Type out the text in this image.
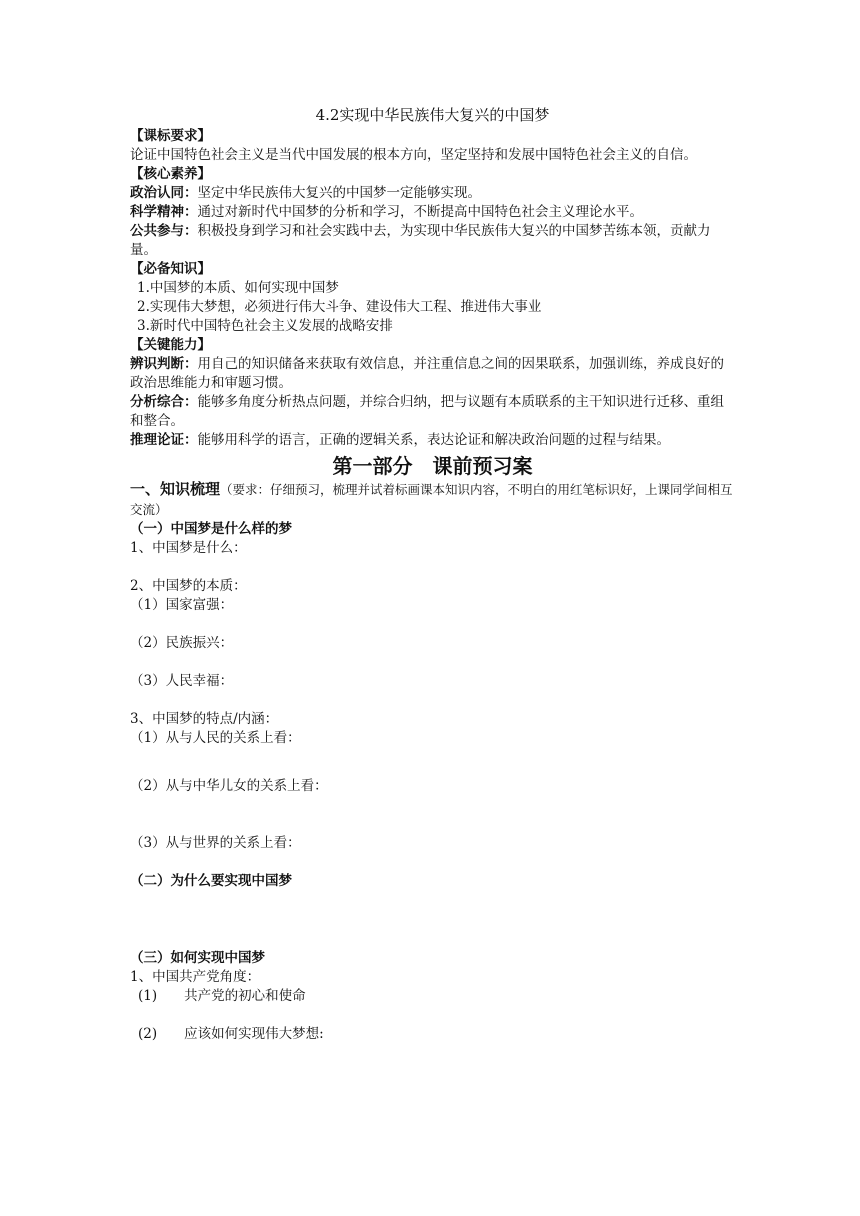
4.2实现中华民族伟大复兴的中国梦
【课标要求】
论证中国特色社会主义是当代中国发展的根本方向，坚定坚持和发展中国特色社会主义的自信。
【核心素养】
政治认同：坚定中华民族伟大复兴的中国梦一定能够实现。
科学精神：通过对新时代中国梦的分析和学习，不断提高中国特色社会主义理论水平。
公共参与：积极投身到学习和社会实践中去，为实现中华民族伟大复兴的中国梦苦练本领，贡献力量。
【必备知识】
1.中国梦的本质、如何实现中国梦
2.实现伟大梦想，必须进行伟大斗争、建设伟大工程、推进伟大事业
3.新时代中国特色社会主义发展的战略安排
【关键能力】
辨识判断：用自己的知识储备来获取有效信息，并注重信息之间的因果联系，加强训练，养成良好的政治思维能力和审题习惯。
分析综合：能够多角度分析热点问题，并综合归纳，把与议题有本质联系的主干知识进行迁移、重组和整合。
推理论证：能够用科学的语言，正确的逻辑关系，表达论证和解决政治问题的过程与结果。
第一部分　课前预习案
一、知识梳理（要求：仔细预习，梳理并试着标画课本知识内容，不明白的用红笔标识好，上课同学间相互交流）
（一）中国梦是什么样的梦
1、中国梦是什么：
2、中国梦的本质：
（1）国家富强：
（2）民族振兴：
（3）人民幸福：
3、中国梦的特点/内涵：
（1）从与人民的关系上看：
（2）从与中华儿女的关系上看：
（3）从与世界的关系上看：
（二）为什么要实现中国梦
（三）如何实现中国梦
1、中国共产党角度：
(1)　　共产党的初心和使命
(2)　　应该如何实现伟大梦想:
